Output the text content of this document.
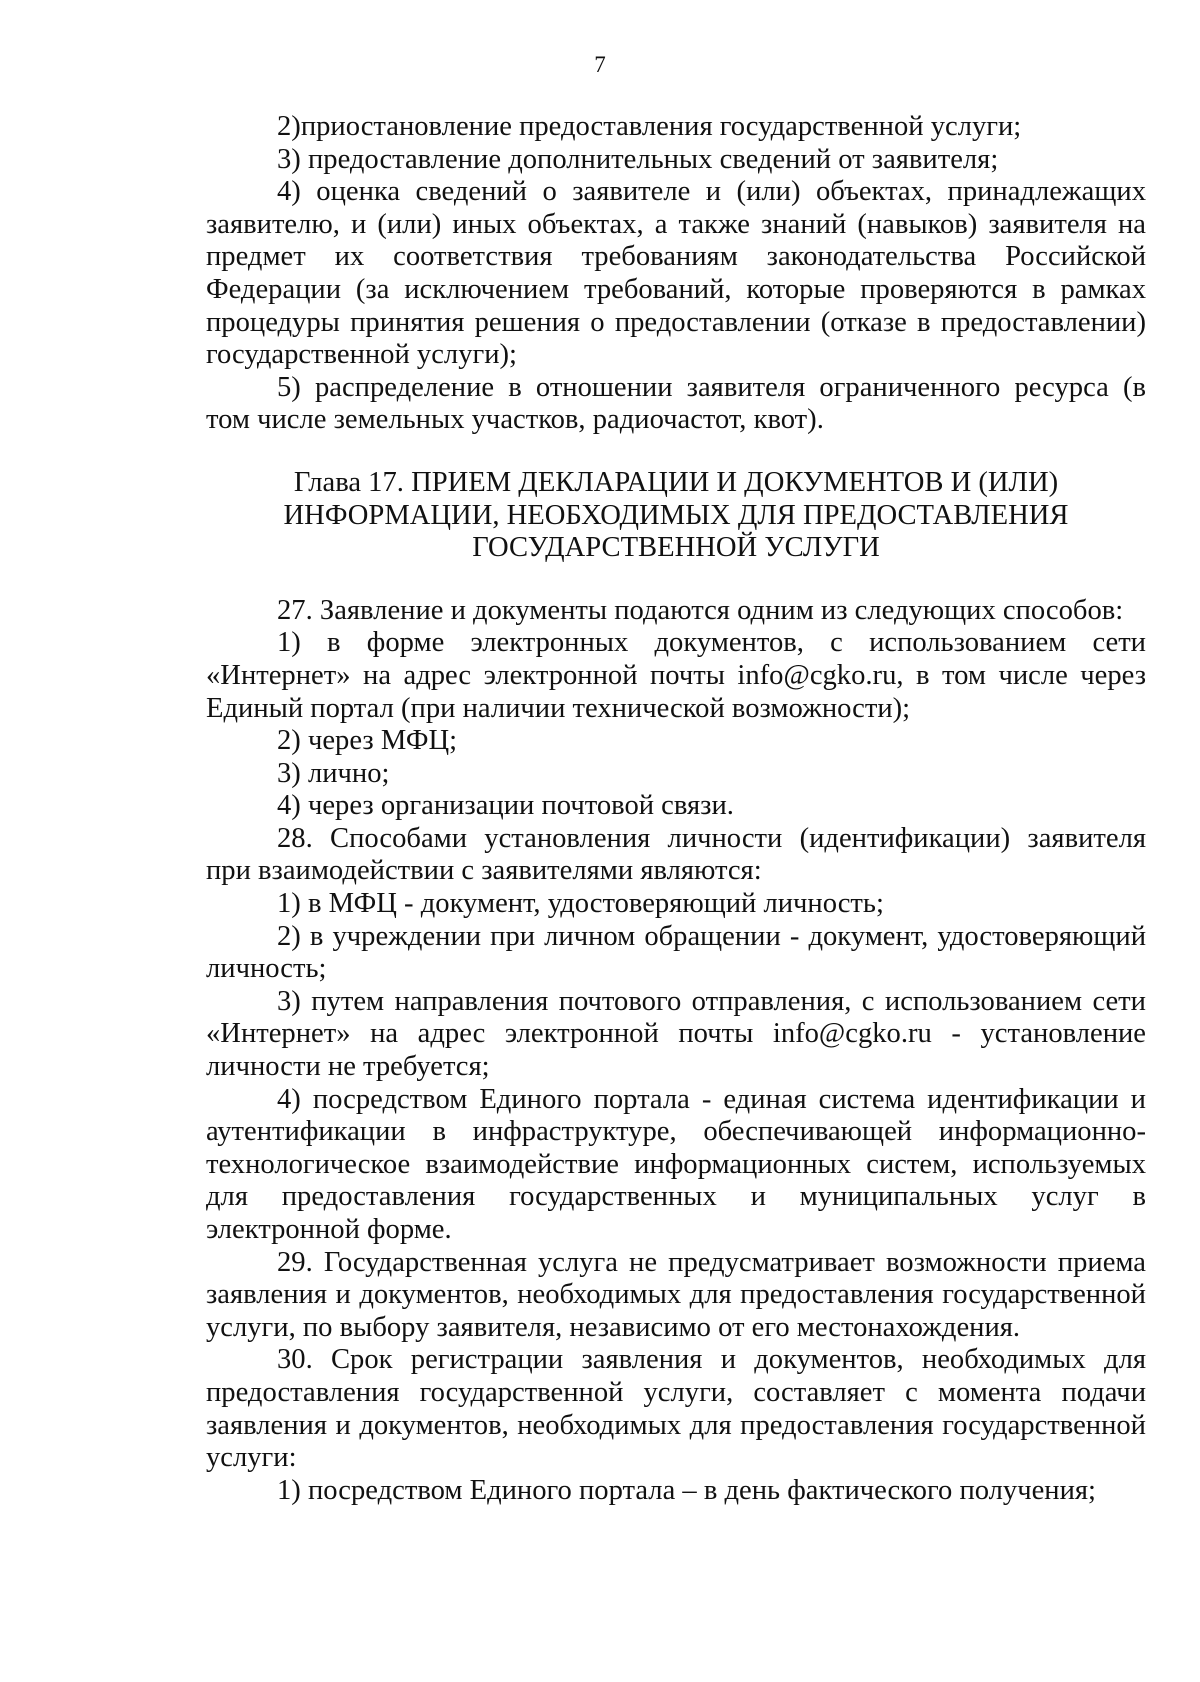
7

2)приостановление предоставления государственной услуги;

3) предоставление дополнительных сведений от заявителя;

4) оценка сведений о заявителе и (или) объектах, принадлежащих заявителю, и (или) иных объектах, а также знаний (навыков) заявителя на предмет их соответствия требованиям законодательства Российской Федерации (за исключением требований, которые проверяются в рамках процедуры принятия решения о предоставлении (отказе в предоставлении) государственной услуги);

5) распределение в отношении заявителя ограниченного ресурса (в том числе земельных участков, радиочастот, квот).

Глава 17. ПРИЕМ ДЕКЛАРАЦИИ И ДОКУМЕНТОВ И (ИЛИ)
ИНФОРМАЦИИ, НЕОБХОДИМЫХ ДЛЯ ПРЕДОСТАВЛЕНИЯ
ГОСУДАРСТВЕННОЙ УСЛУГИ

27. Заявление и документы подаются одним из следующих способов:

1) в форме электронных документов, с использованием сети «Интернет» на адрес электронной почты info@cgko.ru, в том числе через Единый портал (при наличии технической возможности);

2) через МФЦ;

3) лично;

4) через организации почтовой связи.

28. Способами установления личности (идентификации) заявителя при взаимодействии с заявителями являются:

1) в МФЦ - документ, удостоверяющий личность;

2) в учреждении при личном обращении - документ, удостоверяющий личность;

3) путем направления почтового отправления, с использованием сети «Интернет» на адрес электронной почты info@cgko.ru - установление личности не требуется;

4) посредством Единого портала - единая система идентификации и аутентификации в инфраструктуре, обеспечивающей информационно-технологическое взаимодействие информационных систем, используемых для предоставления государственных и муниципальных услуг в электронной форме.

29. Государственная услуга не предусматривает возможности приема заявления и документов, необходимых для предоставления государственной услуги, по выбору заявителя, независимо от его местонахождения.

30. Срок регистрации заявления и документов, необходимых для предоставления государственной услуги, составляет с момента подачи заявления и документов, необходимых для предоставления государственной услуги:

1) посредством Единого портала – в день фактического получения;
